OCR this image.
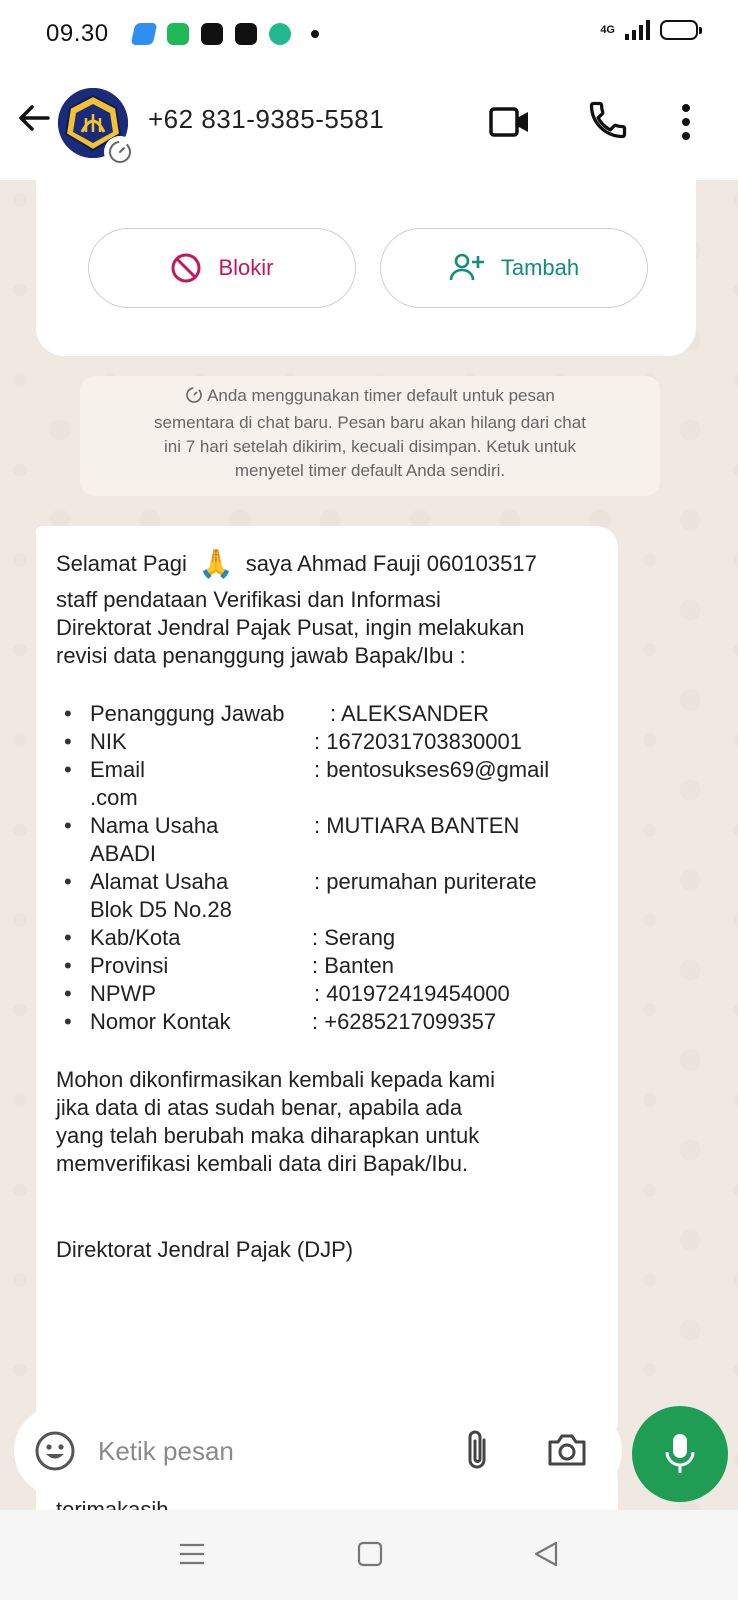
09.30	4G
+62 831-9385-5581
Blokir	Tambah
Anda menggunakan timer default untuk pesan
sementara di chat baru. Pesan baru akan hilang dari chat
ini 7 hari setelah dikirim, kecuali disimpan. Ketuk untuk
menyetel timer default Anda sendiri.
Selamat Pagi 🙏 saya Ahmad Fauji 060103517
staff pendataan Verifikasi dan Informasi
Direktorat Jendral Pajak Pusat, ingin melakukan
revisi data penanggung jawab Bapak/Ibu :
• Penanggung Jawab	: ALEKSANDER
• NIK	: 1672031703830001
• Email	: bentosukses69@gmail
.com
• Nama Usaha	: MUTIARA BANTEN
ABADI
• Alamat Usaha	: perumahan puriterate
Blok D5 No.28
• Kab/Kota	: Serang
• Provinsi	: Banten
• NPWP	: 401972419454000
• Nomor Kontak	: +6285217099357
Mohon dikonfirmasikan kembali kepada kami
jika data di atas sudah benar, apabila ada
yang telah berubah maka diharapkan untuk
memverifikasi kembali data diri Bapak/Ibu.
Direktorat Jendral Pajak (DJP)
Ketik pesan
